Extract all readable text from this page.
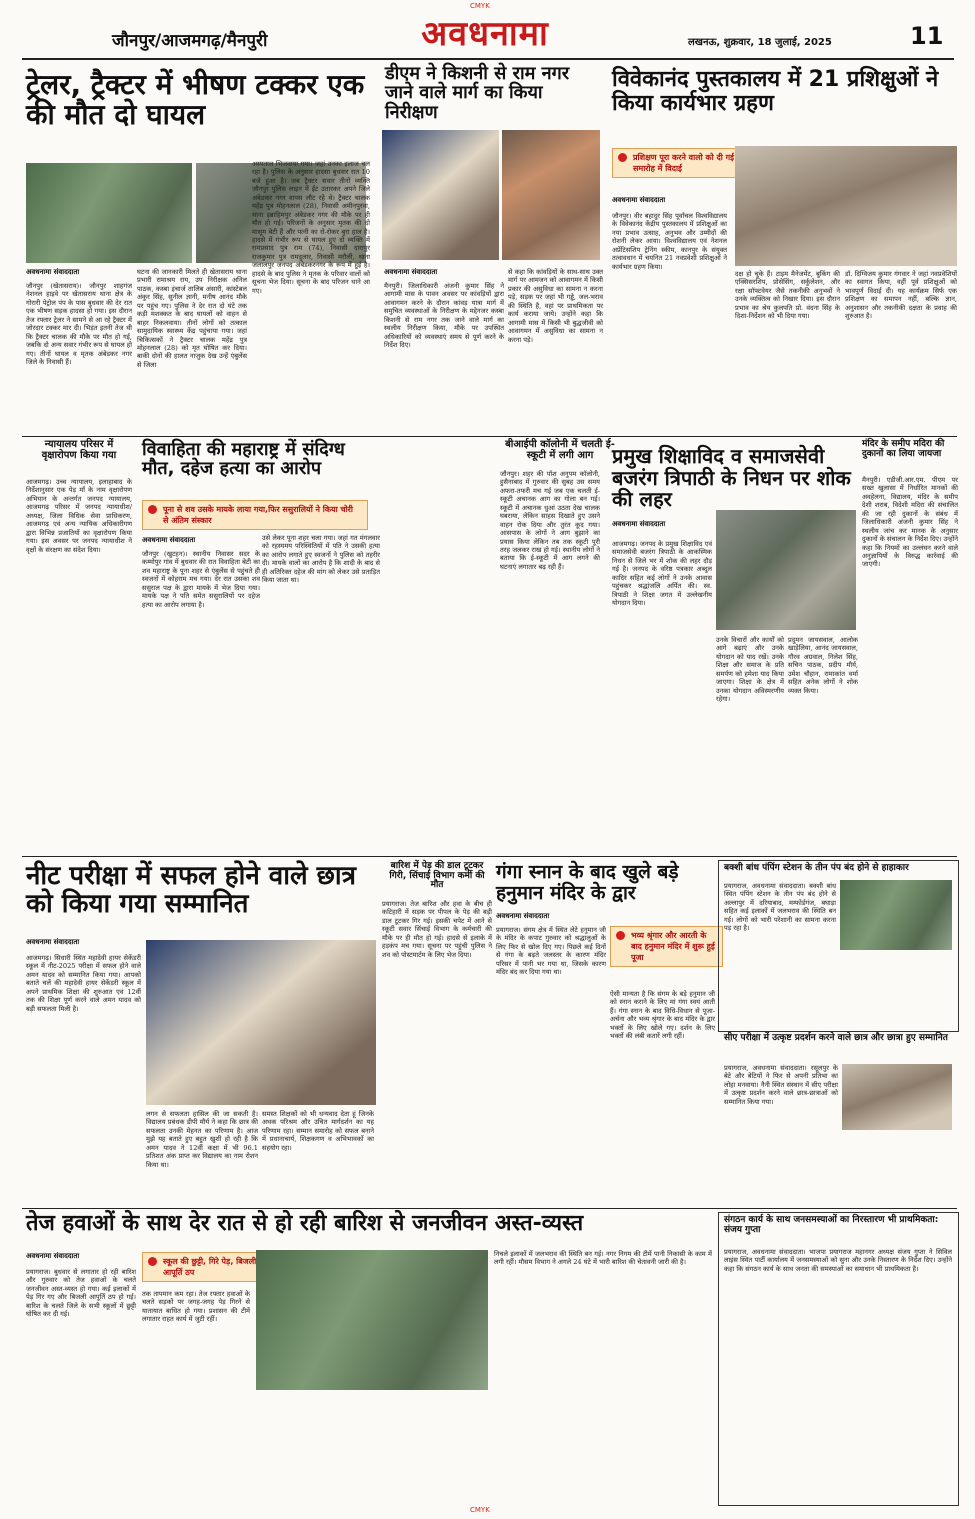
CMYK
जौनपुर/आजमगढ़/मैनपुरी	अवधनामा	लखनऊ, शुक्रवार, 18 जुलाई, 2025	11
ट्रेलर, ट्रैक्टर में भीषण टक्कर एक की मौत दो घायल
अवधनामा संवाददाता
जौनपुर (खेतासराय)। जौनपुर शाहगंज नेशनल हाइवे पर खेतासराय थाना क्षेत्र के गोरारी पेट्रोल पंप के पास बुधवार की देर रात एक भीषण सड़क हादसा हो गया। इस दौरान तेज रफ्तार ट्रेलर ने सामने से आ रहे ट्रैक्टर में जोरदार टक्कर मार दी। भिड़ंत इतनी तेज थी कि ट्रैक्टर चालक की मौके पर मौत हो गई, जबकि दो अन्य सवार गंभीर रूप से घायल हो गए। तीनों घायल व मृतक अंबेडकर नगर जिले के निवासी हैं।
घटना की जानकारी मिलते ही खेतासराय थाना प्रभारी रामाश्रय राय, उप निरीक्षक अनिल पाठक, कस्बा इंचार्ज तालिब अंसारी, कांस्टेबल अंकुर सिंह, सुनील ज्ञानी, मनीष आनंद मौके पर पहुंच गए। पुलिस ने देर रात दो घंटे तक कड़ी मशक्कत के बाद घायलों को वाहन से बाहर निकलवाया। तीनों लोगों को तत्काल सामुदायिक स्वास्थ्य केंद्र पहुंचाया गया। जहां चिकित्सकों ने ट्रैक्टर चालक महेंद्र पुत्र मोहनलाल (28) को मृत घोषित कर दिया। बाकी दोनों की हालत नाजुक देख उन्हें एंबुलेंस से जिला
अस्पताल भिजवाया गया। जहां उनका इलाज चल रहा है। पुलिस के अनुसार हादसा बुधवार रात 10 बजे हुआ है। जब ट्रैक्टर सवार तीनों व्यक्ति जौनपुर पुलिस लाइन में ईंट उतारकर अपने जिले अंबेडकर नगर वापस लौट रहे थे। ट्रैक्टर चालक महेंद्र पुत्र मोहनलाल (28), निवासी अमीनपुरवा, थाना इब्राहिमपुर अंबेडकर नगर की मौके पर ही मौत हो गई। परिजनों के अनुसार मृतक की दो मासूम बेटी हैं और पत्नी का रो-रोकर बुरा हाल है। हादसे में गंभीर रूप से घायल हुए दो व्यक्ति में रामप्रसाद पुत्र राम (74), निवासी दारापुर राजकुमार पुत्र रामदुलार, निवासी मरौली, थाना जलालपुर जनपद अंबेडकरनगर के रूप में हुई है। हादसे के बाद पुलिस ने मृतक के परिवार वालों को सूचना भेज दिया। सूचना के बाद परिजन थाने आ गए।
डीएम ने किशनी से राम नगर जाने वाले मार्ग का किया निरीक्षण
अवधनामा संवाददाता
मैनपुरी। जिलाधिकारी अंजनी कुमार सिंह ने आगामी मास के पावन अवसर पर कांवड़ियों द्वारा आवागमन करने के दौरान कांवड़ यात्रा मार्ग में समुचित व्यवस्थाओं के निरीक्षण के मद्देनजर कस्बा किशनी से राम नगर तक जाने वाले मार्ग का स्थलीय निरीक्षण किया, मौके पर उपस्थित अधिकारियों को व्यवस्थाएं समय से पूर्ण करने के निर्देश दिए।
से कहा कि कांवड़ियों के साथ-साथ उक्त मार्ग पर आमजन को आवागमन में किसी प्रकार की असुविधा का सामना न करना पड़े, सड़क पर जहां भी गड्ढे, जल-भराव की स्थिति है, वहां पर प्राथमिकता पर कार्य कराया जाये। उन्होंने कहा कि आगामी मास में किसी भी बुद्धजीवी को आवागमन में असुविधा का सामना न करना पड़े।
विवेकानंद पुस्तकालय में 21 प्रशिक्षुओं ने किया कार्यभार ग्रहण
प्रशिक्षण पूरा करने वालो को दी गई समारोह में विदाई
अवधनामा संवाददाता
जौनपुर। वीर बहादुर सिंह पूर्वांचल विश्वविद्यालय के विवेकानंद केंद्रीय पुस्तकालय में प्रशिक्षुओं का नया प्रभाव उत्साह, अनुभव और उम्मीदों की रोशनी लेकर आया। विश्वविद्यालय एवं नेशनल अप्रेंटिसशिप ट्रेनिंग स्कीम, कानपुर के संयुक्त तत्वावधान में चयनित 21 नवप्रवेशी प्रशिक्षुओं ने कार्यभार ग्रहण किया।
दक्ष हो चुके हैं। टाइम मैनेजमेंट, बुकिंग की एक्सिसरशिप, प्रोसेसिंग, सर्कुलेशन, और रक्षा सॉफ्टवेयर जैसे तकनीकी अनुभवों ने उनके व्यक्तित्व को निखार दिया। इस दौरान प्रभाव का श्रेय कुलपति प्रो. वंदना सिंह के दिशा-निर्देशन को भी दिया गया।
डॉ. दिग्विजय कुमार गंगवार ने जहां नवप्रवेशियों का स्वागत किया, वहीं पूर्व प्रशिक्षुओं को भावपूर्ण विदाई दी। यह कार्यक्रम सिर्फ एक प्रशिक्षण का समापन नहीं, बल्कि ज्ञान, अनुशासन और तकनीकी दक्षता के प्रवाह की शुरुआत है।
न्यायालय परिसर में वृक्षारोपण किया गया
आजमगढ़। उच्च न्यायालय, इलाहाबाद के निर्देशानुसार एक पेड़ माँ के नाम वृक्षारोपण अभियान के अन्तर्गत जनपद न्यायालय, आजमगढ़ परिसर में जनपद न्यायाधीश/अध्यक्ष, जिला विधिक सेवा प्राधिकरण, आजमगढ़ एवं अन्य न्यायिक अधिकारीगण द्वारा विभिन्न प्रजातियों का वृक्षारोपण किया गया। इस अवसर पर जनपद न्यायाधीश ने वृक्षों के संरक्षण का संदेश दिया।
विवाहिता की महाराष्ट्र में संदिग्ध मौत, दहेज हत्या का आरोप
पूना से शव उसके मायके लाया गया,फिर ससुरालियों ने किया चोरी से अंतिम संस्कार
अवधनामा संवाददाता
जौनपुर (खुटहन)। स्थानीय निवासर सदर के कम्मोपुर गांव में बुधवार की रात विवाहिता बेटी का शव महाराष्ट्र के पूना शहर से एंबुलेंस से पहुंचते ही स्वजनों में कोहराम मच गया। देर रात उसका शव ससुराल पक्ष के द्वारा मायके में भेज दिया गया। मायके पक्ष ने पति समेत ससुरालियों पर दहेज हत्या का आरोप लगाया है।
उसे लेकर पूना शहर चला गया। जहां गत मंगलवार को रहस्यमय परिस्थितियों में पति ने उसकी हत्या का आरोप लगाते हुए स्वजनों ने पुलिस को तहरीर दी। मायके वालों का आरोप है कि शादी के बाद से ही अतिरिक्त दहेज की मांग को लेकर उसे प्रताड़ित किया जाता था।
बीआईपी कॉलोनी में चलती ई-स्कूटी में लगी आग
जौनपुर। शहर की पॉश अनुपम कॉलोनी, हुसैनाबाद में गुरुवार की सुबह उस समय अफरा-तफरी मच गई जब एक चलती ई-स्कूटी अचानक आग का गोला बन गई। स्कूटी में अचानक धुआं उठता देख चालक घबराया, लेकिन साहस दिखाते हुए उसने वाहन रोक दिया और तुरंत कूद गया। आसपास के लोगों ने आग बुझाने का प्रयास किया लेकिन तब तक स्कूटी पूरी तरह जलकर राख हो गई। स्थानीय लोगों ने बताया कि ई-स्कूटी में आग लगने की घटनाएं लगातार बढ़ रही हैं।
प्रमुख शिक्षाविद व समाजसेवी बजरंग त्रिपाठी के निधन पर शोक की लहर
अवधनामा संवाददाता
आजमगढ़। जनपद के प्रमुख शिक्षाविद एवं समाजसेवी बजरंग त्रिपाठी के आकस्मिक निधन से जिले भर में शोक की लहर दौड़ गई है। जनपद के वरिष्ठ पत्रकार अब्दुल कादिर सहित कई लोगों ने उनके आवास पहुंचकर श्रद्धांजलि अर्पित की। स्व. त्रिपाठी ने शिक्षा जगत में उल्लेखनीय योगदान दिया।
उनके विचारों और कार्यों को आगे बढ़ाएं और उनके योगदान को याद रखें। उनके शिक्षा और समाज के प्रति समर्पण को हमेशा याद किया जाएगा। शिक्षा के क्षेत्र में उनका योगदान अविस्मरणीय रहेगा।
प्रदुमन जायसवाल, आलोक खाड़ेलिया, आनंद जायसवाल, गौरव अग्रवाल, निलेश सिंह, सचिन पाठक, प्रदीप मौर्य, उमेश चौहान, रामाकांत वर्मा सहित अनेक लोगों ने शोक व्यक्त किया।
मंदिर के समीप मदिरा की दुकानों का लिया जायजा
मैनपुरी। एडीजी.आर.एम. पीएम पर सख्त खुलासा में निर्धारित मानकों की अवहेलना, विद्यालय, मंदिर के समीप देशी शराब, विदेशी मदिरा की संचालित की जा रही दुकानों के संबंध में जिलाधिकारी अंजनी कुमार सिंह ने स्थलीय जांच कर मानक के अनुसार दुकानों के संचालन के निर्देश दिए। उन्होंने कहा कि नियमों का उल्लंघन करने वाले अनुज्ञापियों के विरुद्ध कार्रवाई की जाएगी।
नीट परीक्षा में सफल होने वाले छात्र को किया गया सम्मानित
अवधनामा संवाददाता
आजमगढ़। सिधारी स्थित महादेवी हायर सेकेंडरी स्कूल में नीट-2025 परीक्षा में सफल होने वाले अमन यादव को सम्मानित किया गया। आपको बताते चलें की महादेवी हायर सेकेंडरी स्कूल में अपने प्राथमिक शिक्षा की शुरुआत एवं 12वीं तक की शिक्षा पूर्ण करने वाले अमन यादव को बड़ी सफलता मिली है।
लगन से सफलता हासिल की जा सकती है। विद्यालय प्रबंधक डीपी मौर्य ने कहा कि छात्र की सफलता उनकी मेहनत का परिणाम है। आज मुझे यह बताते हुए बहुत खुशी हो रही है कि अमन यादव ने 12वीं कक्षा में भी 96.1 प्रतिशत अंक प्राप्त कर विद्यालय का नाम रोशन किया था।
समस्त शिक्षकों को भी धन्यवाद देता हूं जिनके अथक परिश्रम और उचित मार्गदर्शन का यह परिणाम रहा। सम्मान समारोह को सफल बनाने में प्रधानाचार्य, शिक्षकगण व अभिभावकों का सहयोग रहा।
बारिश में पेड़ की डाल टूटकर गिरी, सिंचाई विभाग कर्मी की मौत
प्रयागराज। तेज बारिश और हवा के बीच ही कटिहारी में सड़क पर पीपल के पेड़ की बड़ी डाल टूटकर गिर गई। इसकी चपेट में आने से स्कूटी सवार सिंचाई विभाग के कर्मचारी की मौके पर ही मौत हो गई। हादसे से इलाके में हड़कंप मच गया। सूचना पर पहुंची पुलिस ने शव को पोस्टमार्टम के लिए भेज दिया।
गंगा स्नान के बाद खुले बड़े हनुमान मंदिर के द्वार
अवधनामा संवाददाता
प्रयागराज। संगम क्षेत्र में स्थित लेटे हनुमान जी के मंदिर के कपाट गुरुवार को श्रद्धालुओं के लिए फिर से खोल दिए गए। पिछले कई दिनों से गंगा के बढ़ते जलस्तर के कारण मंदिर परिसर में पानी भर गया था, जिसके कारण मंदिर बंद कर दिया गया था।
भव्य श्रृंगार और आरती के बाद हनुमान मंदिर में शुरू हुई पूजा
ऐसी मान्यता है कि संगम के बड़े हनुमान जी को स्नान कराने के लिए मां गंगा स्वयं आती हैं। गंगा स्नान के बाद विधि-विधान से पूजा-अर्चना और भव्य श्रृंगार के बाद मंदिर के द्वार भक्तों के लिए खोले गए। दर्शन के लिए भक्तों की लंबी कतारें लगी रहीं।
बक्शी बांध पंपिंग स्टेशन के तीन पंप बंद होने से हाहाकार
प्रयागराज, अवधनामा संवाददाता। बक्शी बांध स्थित पंपिंग स्टेशन के तीन पंप बंद होने से अल्लापुर में दरियाबाद, मम्फोर्डगंज, बघाड़ा सहित कई इलाकों में जलभराव की स्थिति बन गई। लोगों को भारी परेशानी का सामना करना पड़ रहा है।
सीए परीक्षा में उत्कृष्ट प्रदर्शन करने वाले छात्र और छात्रा हुए सम्मानित
प्रयागराज, अवधनामा संवाददाता। रसूलपुर के बेटे और बेटियों ने फिर से अपनी प्रतिभा का लोहा मनवाया। नैनी स्थित संस्थान में सीए परीक्षा में उत्कृष्ट प्रदर्शन करने वाले छात्र-छात्राओं को सम्मानित किया गया।
तेज हवाओं के साथ देर रात से हो रही बारिश से जनजीवन अस्त-व्यस्त
अवधनामा संवाददाता
प्रयागराज। बुधवार से लगातार हो रही बारिश और गुरुवार को तेज हवाओं के चलते जनजीवन अस्त-व्यस्त हो गया। कई इलाकों में पेड़ गिर गए और बिजली आपूर्ति ठप हो गई। बारिश के चलते जिले के सभी स्कूलों में छुट्टी घोषित कर दी गई।
स्कूल की छुट्टी, गिरे पेड़, बिजली आपूर्ति ठप
तक तापमान कम रहा। तेज रफ्तार हवाओं के चलते सड़कों पर जगह-जगह पेड़ गिरने से यातायात बाधित हो गया। प्रशासन की टीमें लगातार राहत कार्य में जुटी रहीं।
निचले इलाकों में जलभराव की स्थिति बन गई। नगर निगम की टीमें पानी निकासी के काम में लगी रहीं। मौसम विभाग ने अगले 24 घंटे में भारी बारिश की चेतावनी जारी की है।
संगठन कार्य के साथ जनसमस्याओं का निरस्तारण भी प्राथमिकता: संजय गुप्ता
प्रयागराज, अवधनामा संवाददाता। भाजपा प्रयागराज महानगर अध्यक्ष संजय गुप्ता ने सिविल लाइंस स्थित पार्टी कार्यालय में जनसमस्याओं को सुना और उनके निस्तारण के निर्देश दिए। उन्होंने कहा कि संगठन कार्य के साथ जनता की समस्याओं का समाधान भी प्राथमिकता है।
CMYK
